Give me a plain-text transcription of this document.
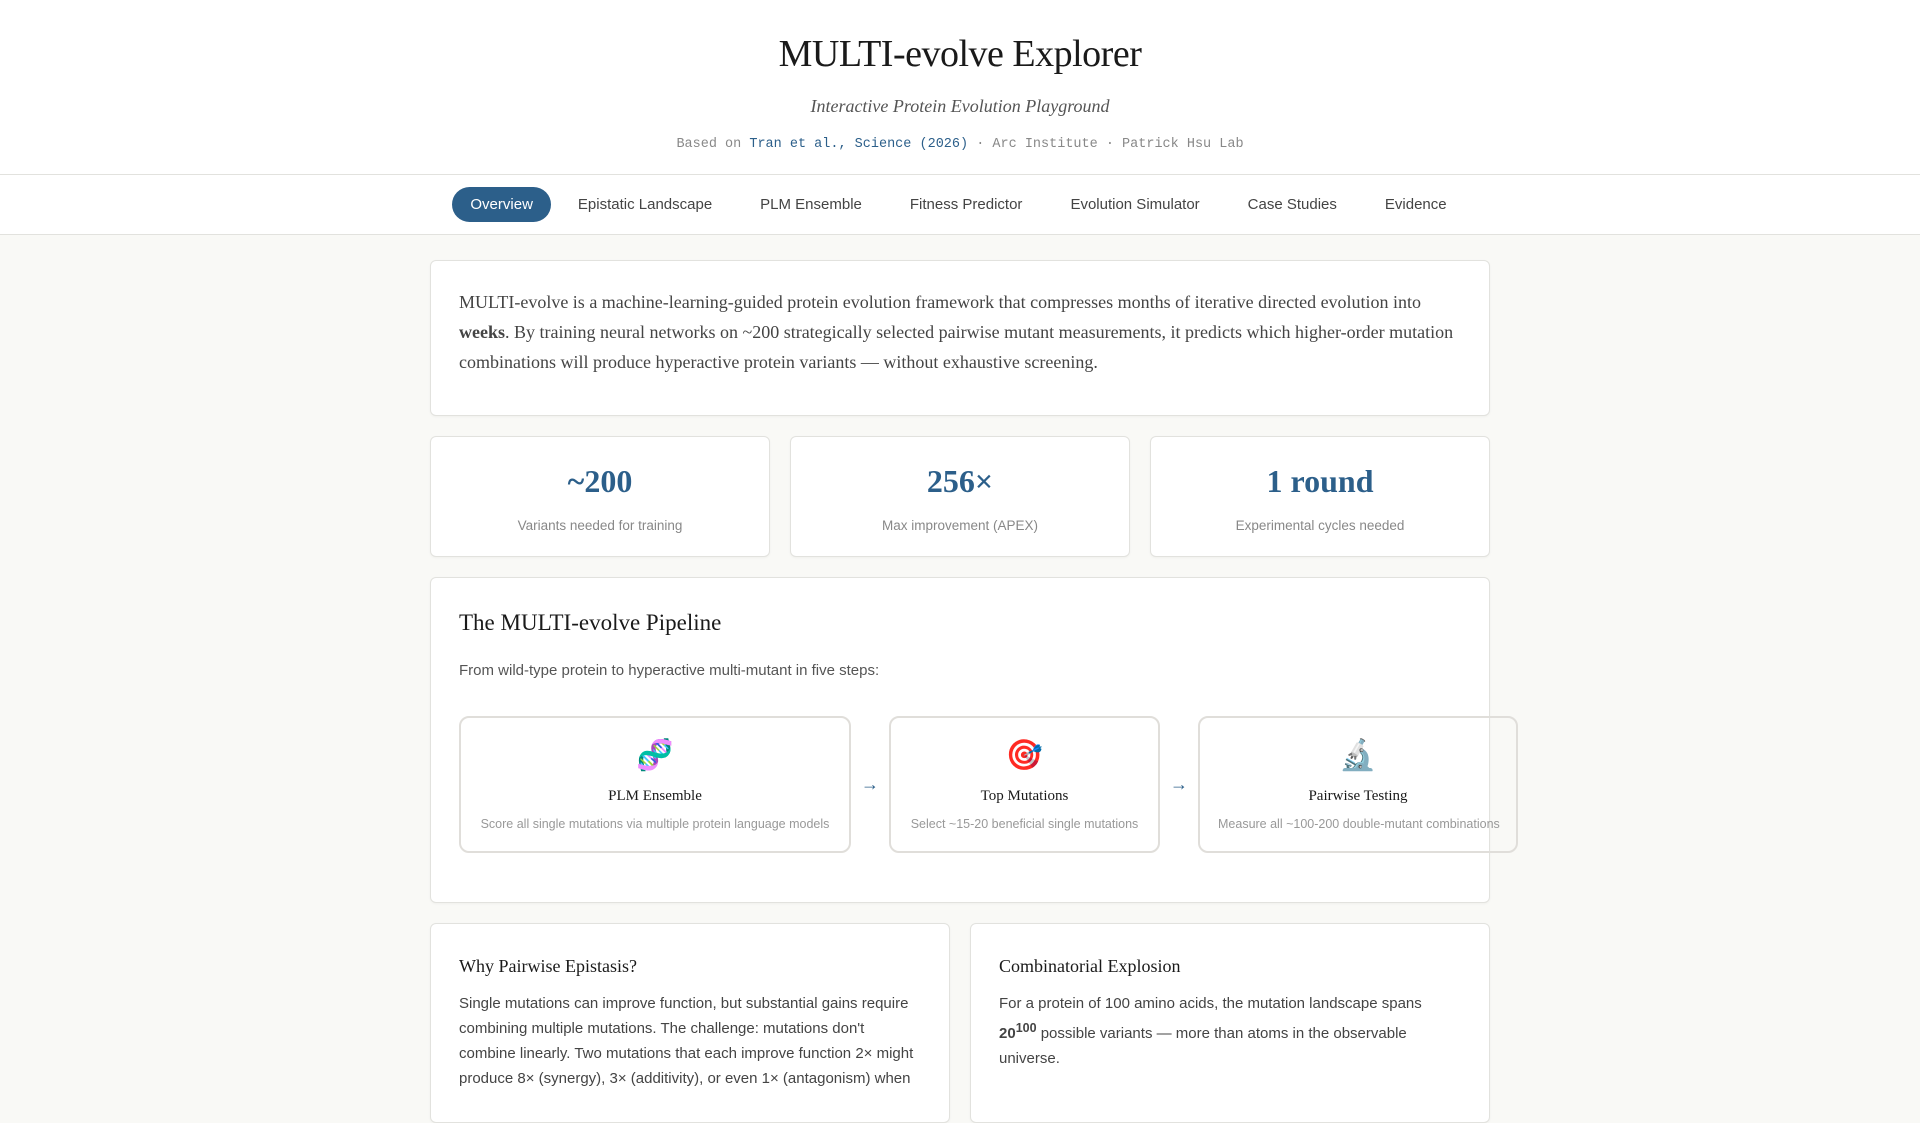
MULTI-evolve Explorer
Interactive Protein Evolution Playground
Based on Tran et al., Science (2026) · Arc Institute · Patrick Hsu Lab
Overview	Epistatic Landscape	PLM Ensemble	Fitness Predictor	Evolution Simulator	Case Studies	Evidence
MULTI-evolve is a machine-learning-guided protein evolution framework that compresses months of iterative directed evolution into weeks. By training neural networks on ~200 strategically selected pairwise mutant measurements, it predicts which higher-order mutation combinations will produce hyperactive protein variants — without exhaustive screening.
~200
Variants needed for training
256×
Max improvement (APEX)
1 round
Experimental cycles needed
The MULTI-evolve Pipeline
From wild-type protein to hyperactive multi-mutant in five steps:
🧬
PLM Ensemble
Score all single mutations via multiple protein language models
→
🎯
Top Mutations
Select ~15-20 beneficial single mutations
→
🔬
Pairwise Testing
Measure all ~100-200 double-mutant combinations
Why Pairwise Epistasis?

Single mutations can improve function, but substantial gains require combining multiple mutations. The challenge: mutations don't combine linearly. Two mutations that each improve function 2× might produce 8× (synergy), 3× (additivity), or even 1× (antagonism) when

Combinatorial Explosion

For a protein of 100 amino acids, the mutation landscape spans $20^{100}$ possible variants — more than atoms in the observable universe.
